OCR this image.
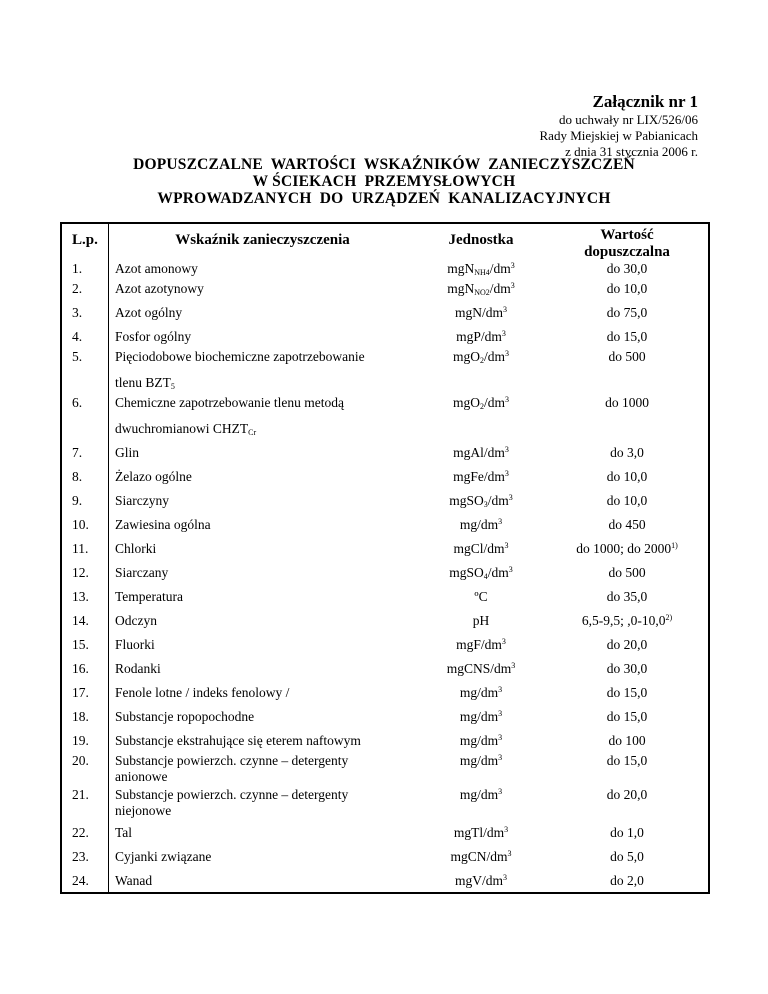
Załącznik nr 1
do uchwały nr LIX/526/06
Rady Miejskiej w Pabianicach
z dnia 31 stycznia 2006 r.
DOPUSZCZALNE  WARTOŚCI  WSKAŹNIKÓW  ZANIECZYSZCZEŃ
W ŚCIEKACH  PRZEMYSŁOWYCH
WPROWADZANYCH  DO  URZĄDZEŃ  KANALIZACYJNYCH
L.p.	Wskaźnik zanieczyszczenia	Jednostka	Wartość
dopuszczalna

1.	Azot amonowy	$mgN_{NH4}/dm^3$	do 30,0
2.	Azot azotynowy	$mgN_{NO2}/dm^3$	do 10,0
3.	Azot ogólny	mgN/$dm^3$	do 75,0
4.	Fosfor ogólny	mgP/$dm^3$	do 15,0
5.	Pięciodobowe biochemiczne zapotrzebowanie
tlenu $BZT_5$	$mgO_2/dm^3$	do 500
6.	Chemiczne zapotrzebowanie tlenu metodą
dwuchromianowi $CHZT_{Cr}$	$mgO_2/dm^3$	do 1000
7.	Glin	mgAl/$dm^3$	do 3,0
8.	Żelazo ogólne	mgFe/$dm^3$	do 10,0
9.	Siarczyny	$mgSO_3/dm^3$	do 10,0
10.	Zawiesina ogólna	$mg/dm^3$	do 450
11.	Chlorki	mgCl/$dm^3$	do 1000; do 2000$^{1)}$
12.	Siarczany	$mgSO_4/dm^3$	do 500
13.	Temperatura	ºC	do 35,0
14.	Odczyn	pH	6,5-9,5; ,0-10,0$^{2)}$
15.	Fluorki	mgF/$dm^3$	do 20,0
16.	Rodanki	mgCNS/$dm^3$	do 30,0
17.	Fenole lotne / indeks fenolowy /	$mg/dm^3$	do 15,0
18.	Substancje ropopochodne	$mg/dm^3$	do 15,0
19.	Substancje ekstrahujące się eterem naftowym	$mg/dm^3$	do 100
20.	Substancje powierzch. czynne – detergenty
anionowe	$mg/dm^3$	do 15,0
21.	Substancje powierzch. czynne – detergenty
niejonowe	$mg/dm^3$	do 20,0
22.	Tal	mgTl/$dm^3$	do 1,0
23.	Cyjanki związane	mgCN/$dm^3$	do 5,0
24.	Wanad	mgV/$dm^3$	do 2,0
